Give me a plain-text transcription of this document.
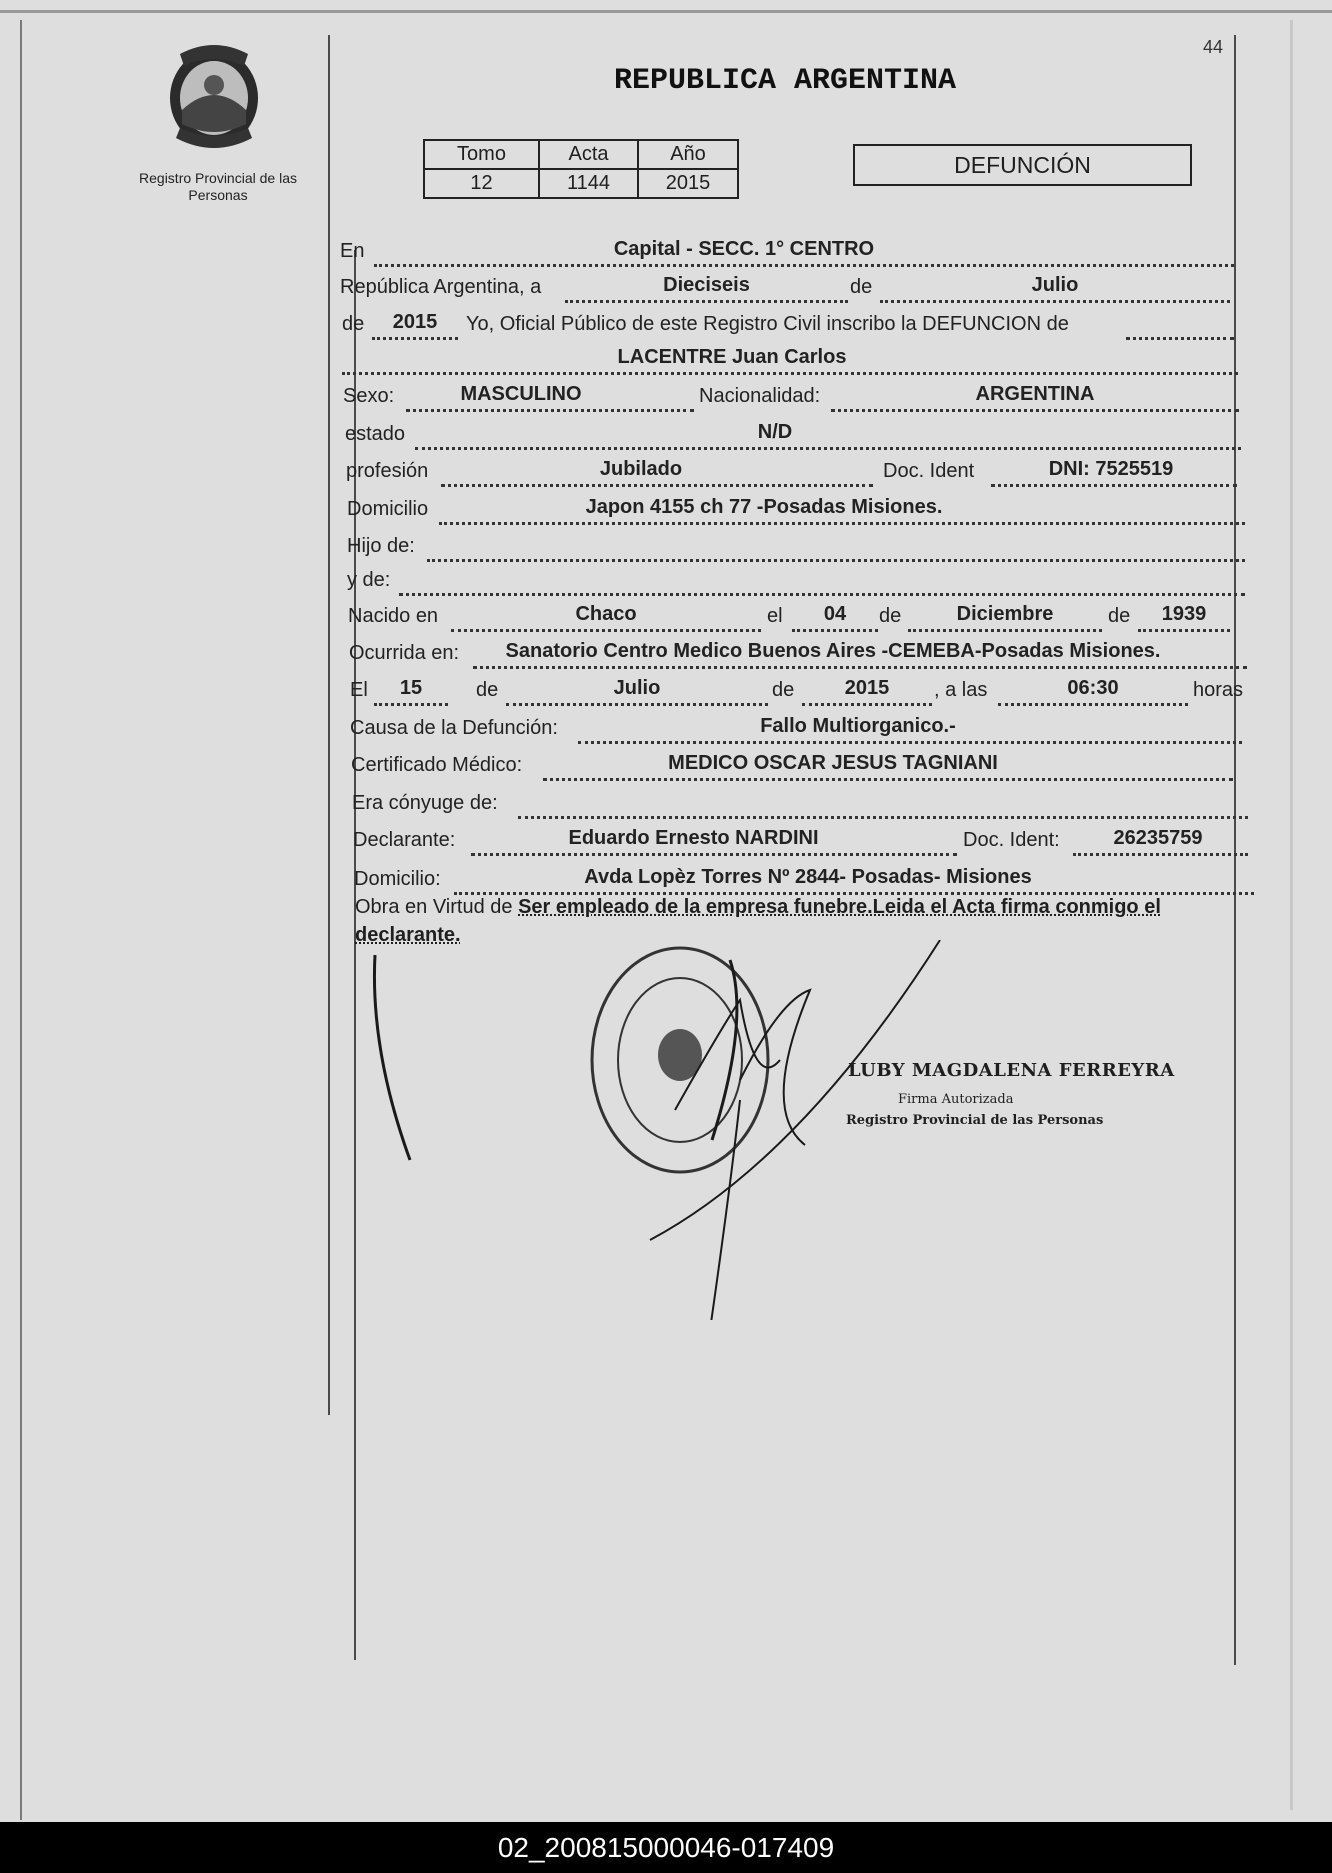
44
Registro Provincial de las Personas
REPUBLICA ARGENTINA
Tomo	Acta	Año
12	1144	2015
DEFUNCIÓN
En	Capital - SECC. 1° CENTRO
República Argentina, a	Dieciseis	de	Julio
de	2015	Yo, Oficial Público de este Registro Civil inscribo la DEFUNCION de
LACENTRE Juan Carlos
Sexo:	MASCULINO	Nacionalidad:	ARGENTINA
estado	N/D
profesión	Jubilado	Doc. Ident	DNI: 7525519
Domicilio	Japon 4155 ch 77 -Posadas Misiones.
Hijo de:
y de:
Nacido en	Chaco	el	04	de	Diciembre	de	1939
Ocurrida en:	Sanatorio Centro Medico Buenos Aires -CEMEBA-Posadas Misiones.
El	15	de	Julio	de	2015	, a las	06:30	horas
Causa de la Defunción:	Fallo Multiorganico.-
Certificado Médico:	MEDICO OSCAR JESUS TAGNIANI
Era cónyuge de:
Declarante:	Eduardo Ernesto NARDINI	Doc. Ident:	26235759
Domicilio:	Avda Lopèz Torres Nº 2844- Posadas- Misiones
Obra en Virtud de Ser empleado de la empresa funebre.Leida el Acta firma conmigo el declarante.
LUBY MAGDALENA FERREYRA
Firma Autorizada
Registro Provincial de las Personas
02_200815000046-017409
